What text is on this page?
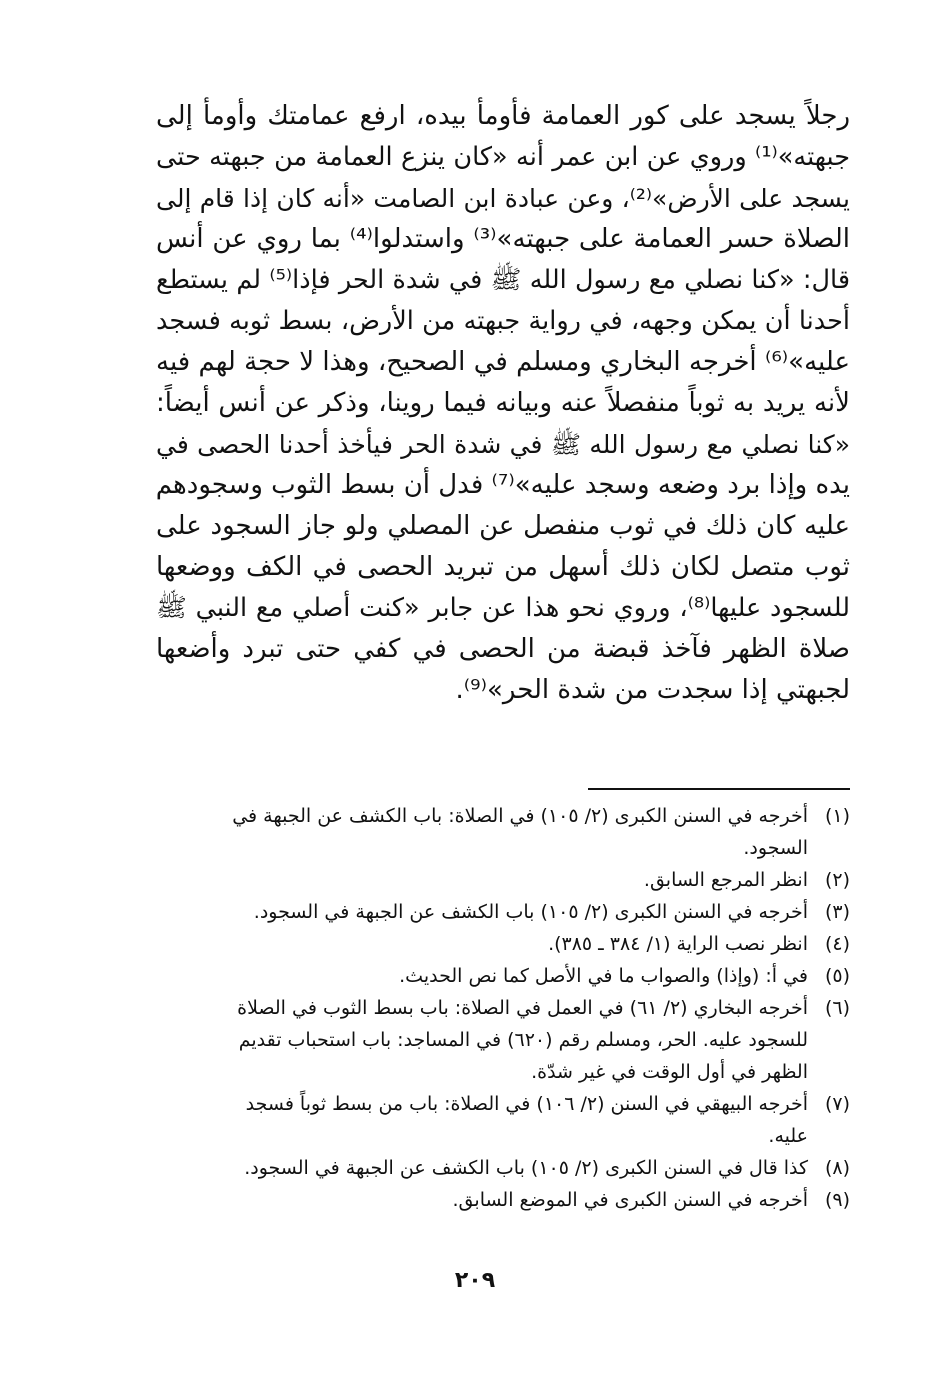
رجلاً يسجد على كور العمامة فأومأ بيده، ارفع عمامتك وأومأ إلى
جبهته»⁽¹⁾ وروي عن ابن عمر أنه «كان ينزع العمامة من جبهته حتى
يسجد على الأرض»⁽²⁾، وعن عبادة ابن الصامت «أنه كان إذا قام إلى
الصلاة حسر العمامة على جبهته»⁽³⁾ واستدلوا⁽⁴⁾ بما روي عن أنس
قال: «كنا نصلي مع رسول الله ﷺ في شدة الحر فإذا⁽⁵⁾ لم يستطع
أحدنا أن يمكن وجهه، في رواية جبهته من الأرض، بسط ثوبه فسجد
عليه»⁽⁶⁾ أخرجه البخاري ومسلم في الصحيح، وهذا لا حجة لهم فيه
لأنه يريد به ثوباً منفصلاً عنه وبيانه فيما روينا، وذكر عن أنس أيضاً:
«كنا نصلي مع رسول الله ﷺ في شدة الحر فيأخذ أحدنا الحصى في
يده وإذا برد وضعه وسجد عليه»⁽⁷⁾ فدل أن بسط الثوب وسجودهم
عليه كان ذلك في ثوب منفصل عن المصلي ولو جاز السجود على
ثوب متصل لكان ذلك أسهل من تبريد الحصى في الكف ووضعها
للسجود عليها⁽⁸⁾، وروي نحو هذا عن جابر «كنت أصلي مع النبي ﷺ
صلاة الظهر فآخذ قبضة من الحصى في كفي حتى تبرد وأضعها
لجبهتي إذا سجدت من شدة الحر»⁽⁹⁾.
(١)
أخرجه في السنن الكبرى (٢/ ١٠٥) في الصلاة: باب الكشف عن الجبهة في
السجود.
(٢)
انظر المرجع السابق.
(٣)
أخرجه في السنن الكبرى (٢/ ١٠٥) باب الكشف عن الجبهة في السجود.
(٤)
انظر نصب الراية (١/ ٣٨٤ ـ ٣٨٥).
(٥)
في أ: (وإذا) والصواب ما في الأصل كما نص الحديث.
(٦)
أخرجه البخاري (٢/ ٦١) في العمل في الصلاة: باب بسط الثوب في الصلاة
للسجود عليه. الحر، ومسلم رقم (٦٢٠) في المساجد: باب استحباب تقديم
الظهر في أول الوقت في غير شدّة.
(٧)
أخرجه البيهقي في السنن (٢/ ١٠٦) في الصلاة: باب من بسط ثوباً فسجد
عليه.
(٨)
كذا قال في السنن الكبرى (٢/ ١٠٥) باب الكشف عن الجبهة في السجود.
(٩)
أخرجه في السنن الكبرى في الموضع السابق.
٢٠٩
